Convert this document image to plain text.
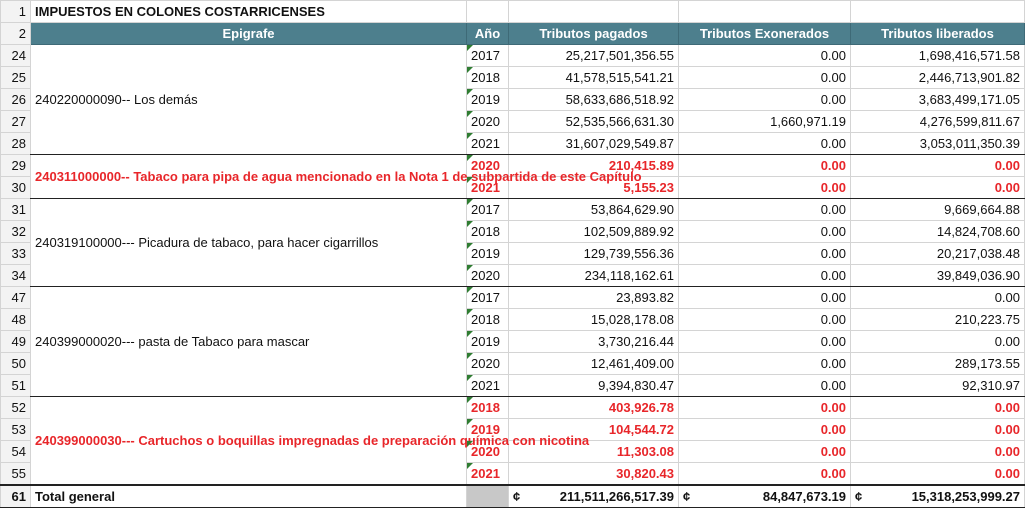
1	IMPUESTOS EN COLONES COSTARRICENSES				
2	Epigrafe	Año	Tributos pagados	Tributos Exonerados	Tributos liberados
24	240220000090-- Los demás	2017	25,217,501,356.55	0.00	1,698,416,571.58
25		2018	41,578,515,541.21	0.00	2,446,713,901.82
26		2019	58,633,686,518.92	0.00	3,683,499,171.05
27		2020	52,535,566,631.30	1,660,971.19	4,276,599,811.67
28		2021	31,607,029,549.87	0.00	3,053,011,350.39
29	240311000000-- Tabaco para pipa de agua mencionado en la Nota 1 de subpartida de este Capítulo	2020	210,415.89	0.00	0.00
30		2021	5,155.23	0.00	0.00
31	240319100000--- Picadura de tabaco, para hacer cigarrillos	2017	53,864,629.90	0.00	9,669,664.88
32		2018	102,509,889.92	0.00	14,824,708.60
33		2019	129,739,556.36	0.00	20,217,038.48
34		2020	234,118,162.61	0.00	39,849,036.90
47	240399000020--- pasta de Tabaco para mascar	2017	23,893.82	0.00	0.00
48		2018	15,028,178.08	0.00	210,223.75
49		2019	3,730,216.44	0.00	0.00
50		2020	12,461,409.00	0.00	289,173.55
51		2021	9,394,830.47	0.00	92,310.97
52	240399000030--- Cartuchos o boquillas impregnadas de preparación química con nicotina	2018	403,926.78	0.00	0.00
53		2019	104,544.72	0.00	0.00
54		2020	11,303.08	0.00	0.00
55		2021	30,820.43	0.00	0.00
61	Total general		¢ 211,511,266,517.39	¢ 84,847,673.19	¢ 15,318,253,999.27
